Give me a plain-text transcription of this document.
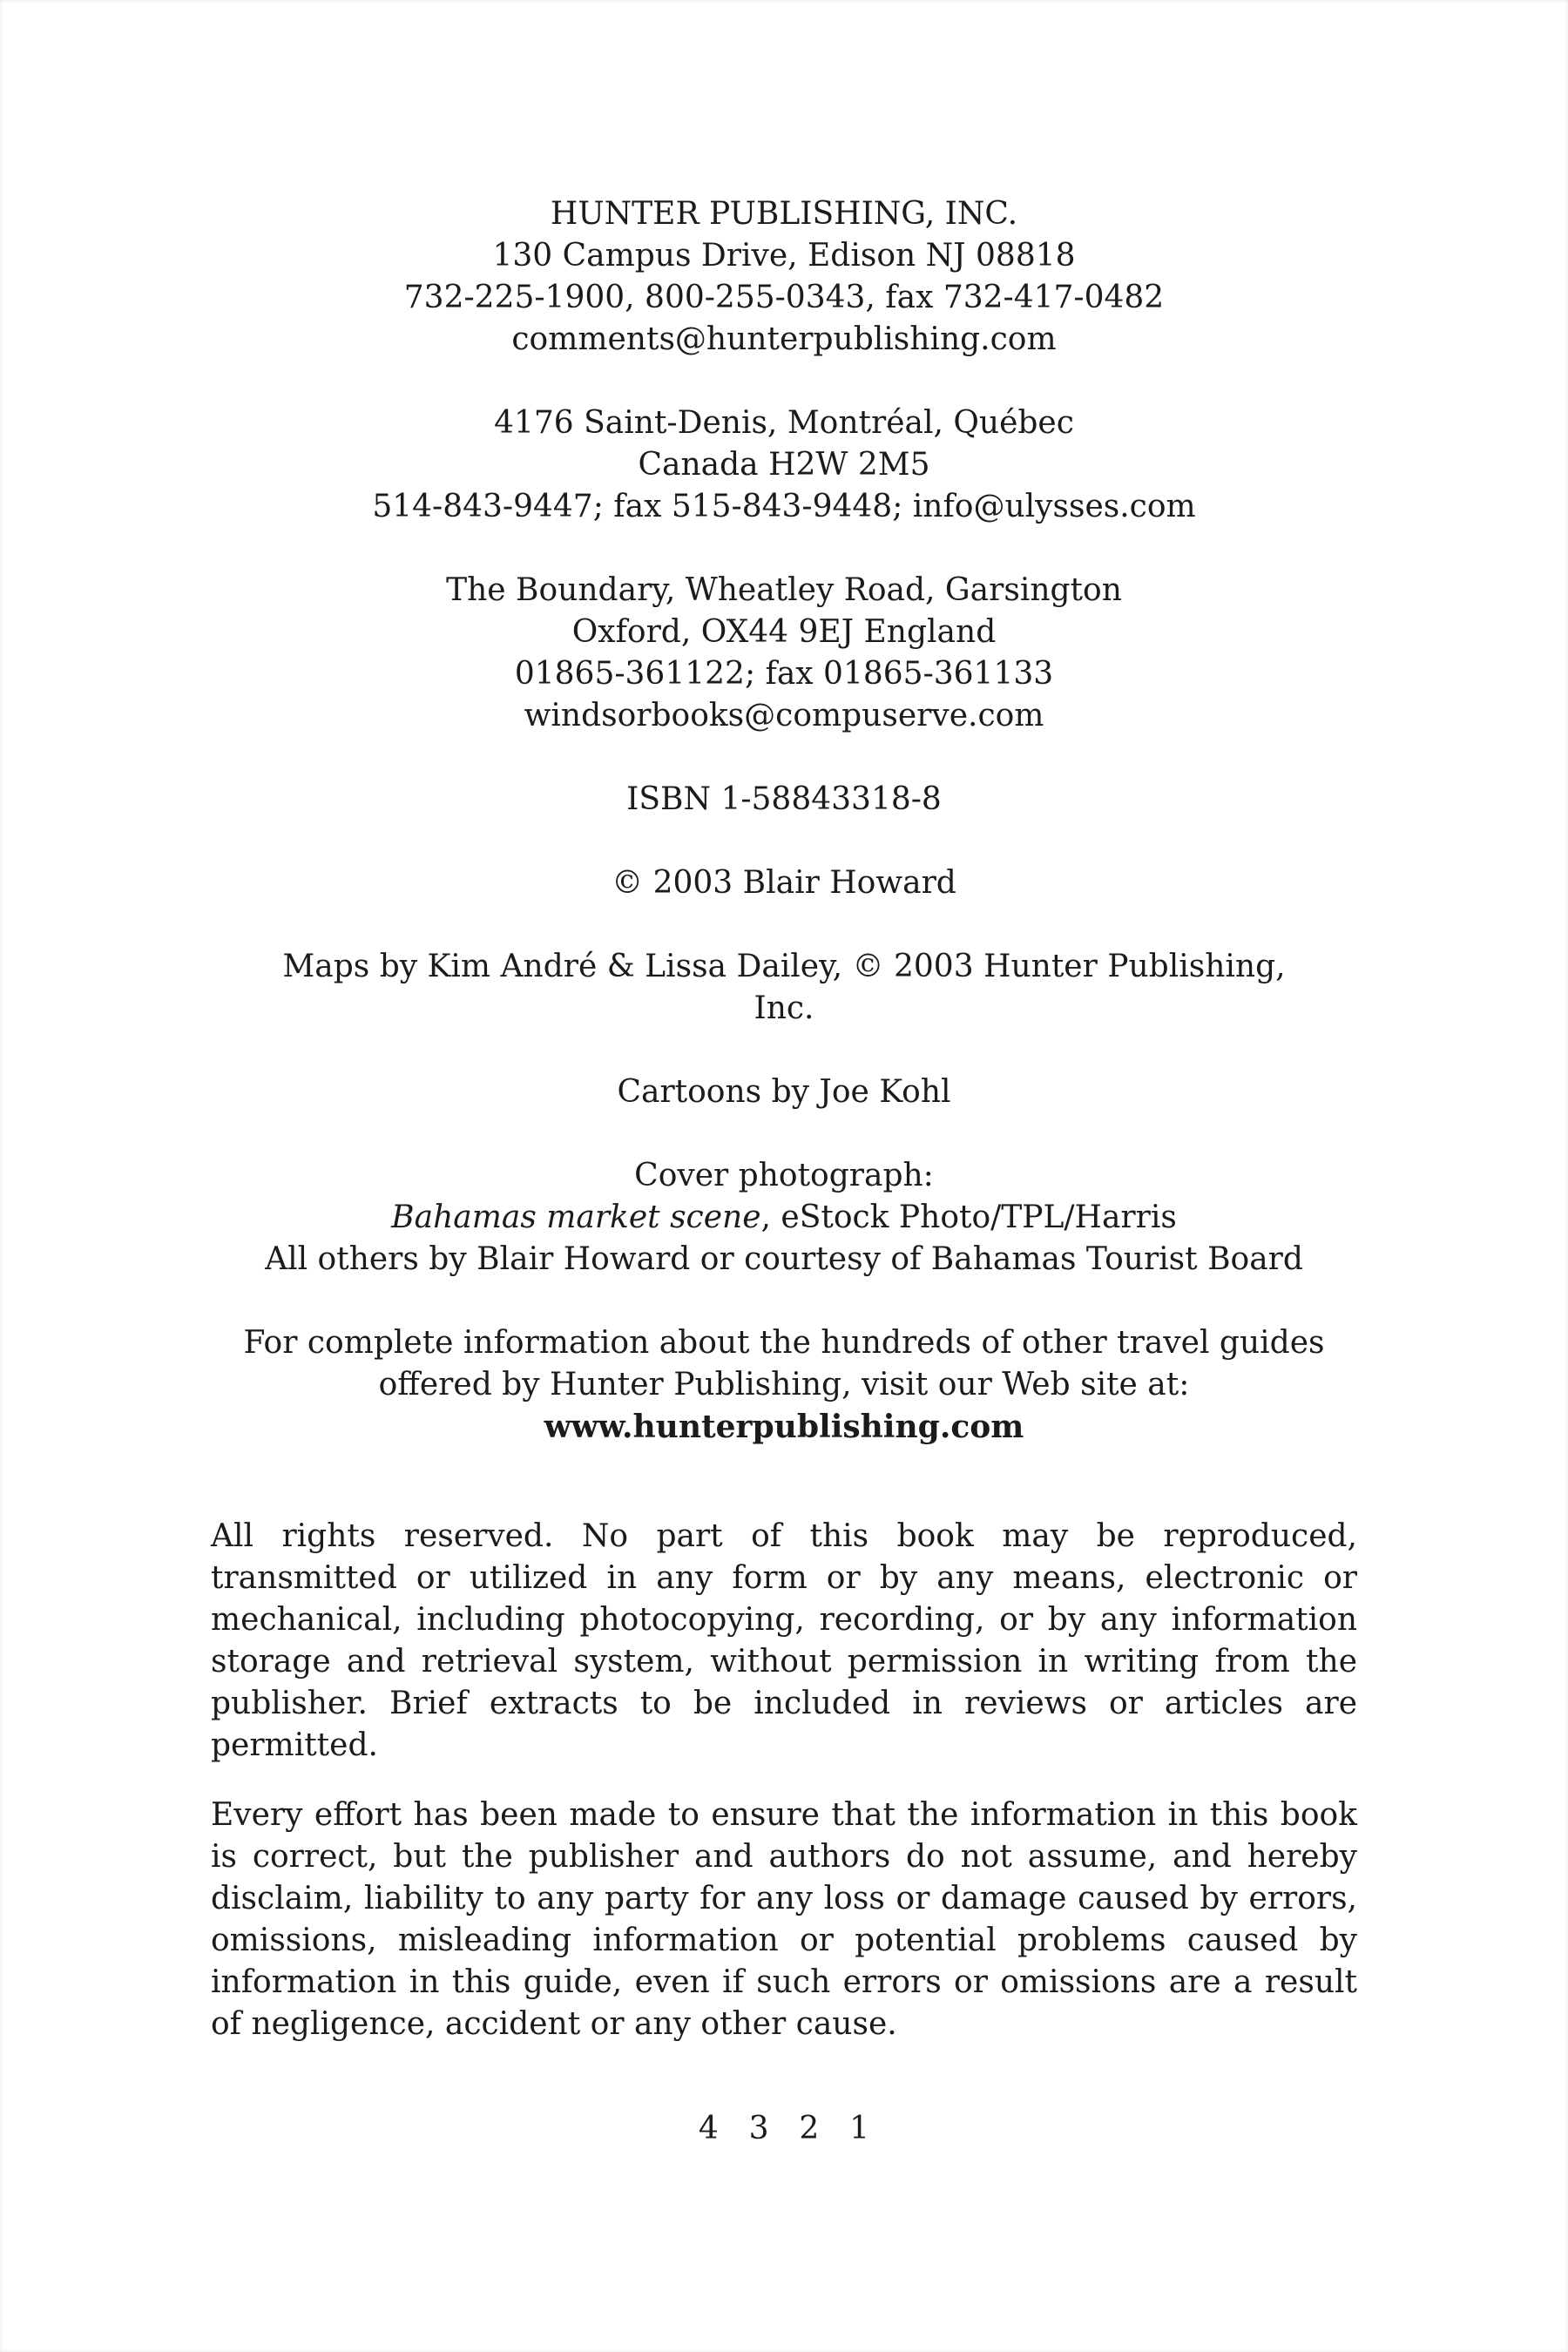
HUNTER PUBLISHING, INC.
130 Campus Drive, Edison NJ 08818
732-225-1900, 800-255-0343, fax 732-417-0482
comments@hunterpublishing.com
4176 Saint-Denis, Montréal, Québec
Canada H2W 2M5
514-843-9447; fax 515-843-9448; info@ulysses.com
The Boundary, Wheatley Road, Garsington
Oxford, OX44 9EJ England
01865-361122; fax 01865-361133
windsorbooks@compuserve.com
ISBN 1-58843318-8
© 2003 Blair Howard
Maps by Kim André & Lissa Dailey, © 2003 Hunter Publishing,
Inc.
Cartoons by Joe Kohl
Cover photograph:
Bahamas market scene, eStock Photo/TPL/Harris
All others by Blair Howard or courtesy of Bahamas Tourist Board
For complete information about the hundreds of other travel guides
offered by Hunter Publishing, visit our Web site at:
www.hunterpublishing.com

All rights reserved. No part of this book may be reproduced, transmitted or utilized in any form or by any means, electronic or mechanical, including photocopying, recording, or by any information storage and retrieval system, without permission in writing from the publisher. Brief extracts to be included in reviews or articles are permitted.

Every effort has been made to ensure that the information in this book is correct, but the publisher and authors do not assume, and hereby disclaim, liability to any party for any loss or damage caused by errors, omissions, misleading information or potential problems caused by information in this guide, even if such errors or omissions are a result of negligence, accident or any other cause.

4 3 2 1
